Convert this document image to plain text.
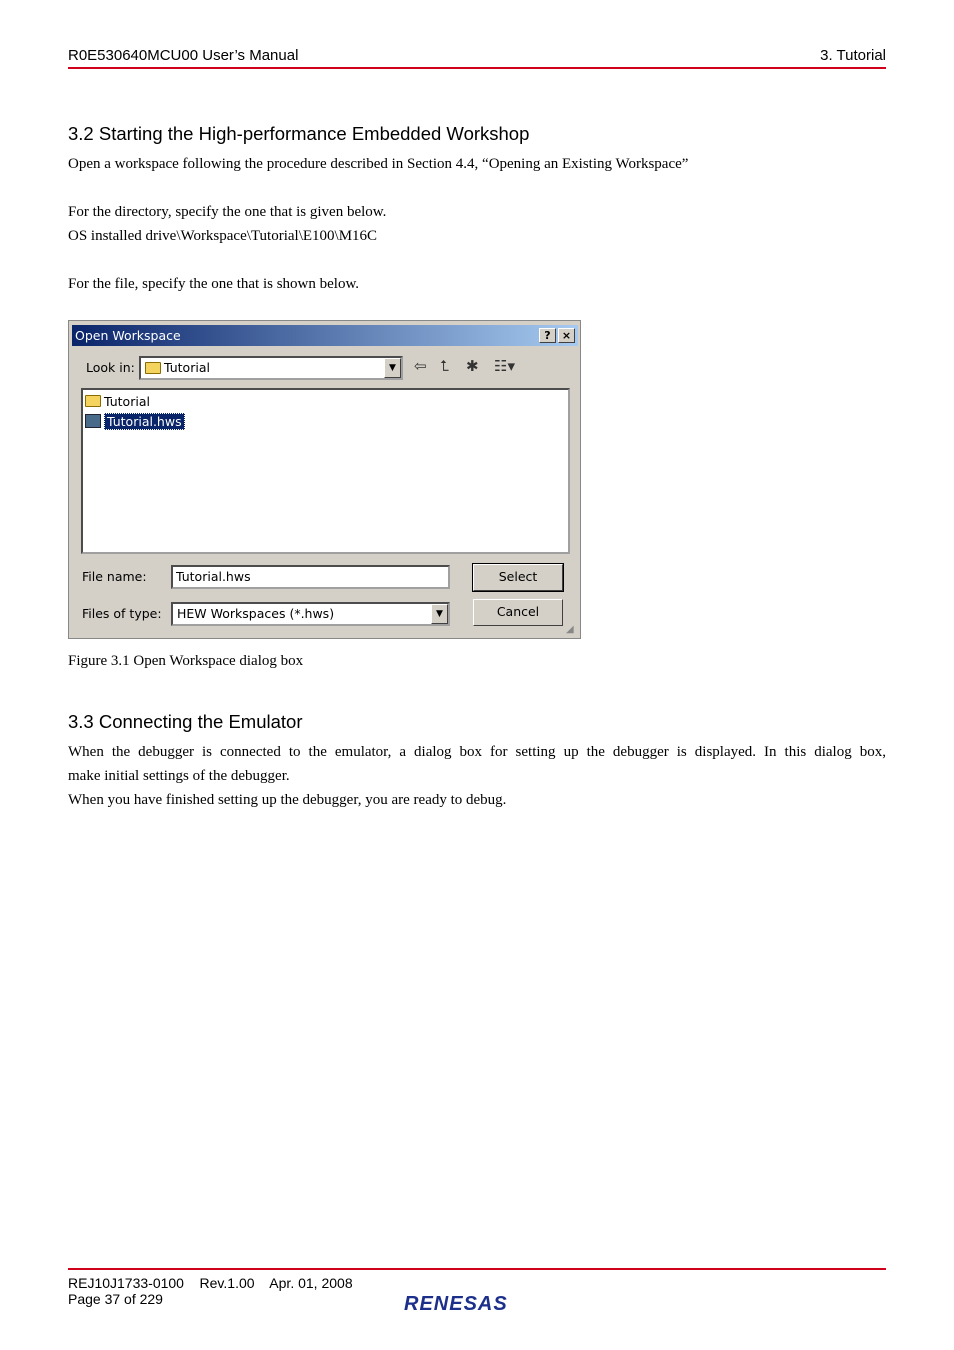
R0E530640MCU00 User’s Manual	3. Tutorial
3.2 Starting the High-performance Embedded Workshop
Open a workspace following the procedure described in Section 4.4, “Opening an Existing Workspace”
For the directory, specify the one that is given below.
OS installed drive\Workspace\Tutorial\E100\M16C
For the file, specify the one that is shown below.
Open Workspace	?	×
Look in: Tutorial	▼	⇦ ⮤ ✱ ☷▾
Tutorial
Tutorial.hws
File name: Tutorial.hws
Files of type: HEW Workspaces (*.hws)	▼
Select
Cancel
◢
Figure 3.1 Open Workspace dialog box
3.3 Connecting the Emulator
When the debugger is connected to the emulator, a dialog box for setting up the debugger is displayed. In this dialog box,
make initial settings of the debugger.
When you have finished setting up the debugger, you are ready to debug.
REJ10J1733-0100    Rev.1.00    Apr. 01, 2008
Page 37 of 229	RENESAS
